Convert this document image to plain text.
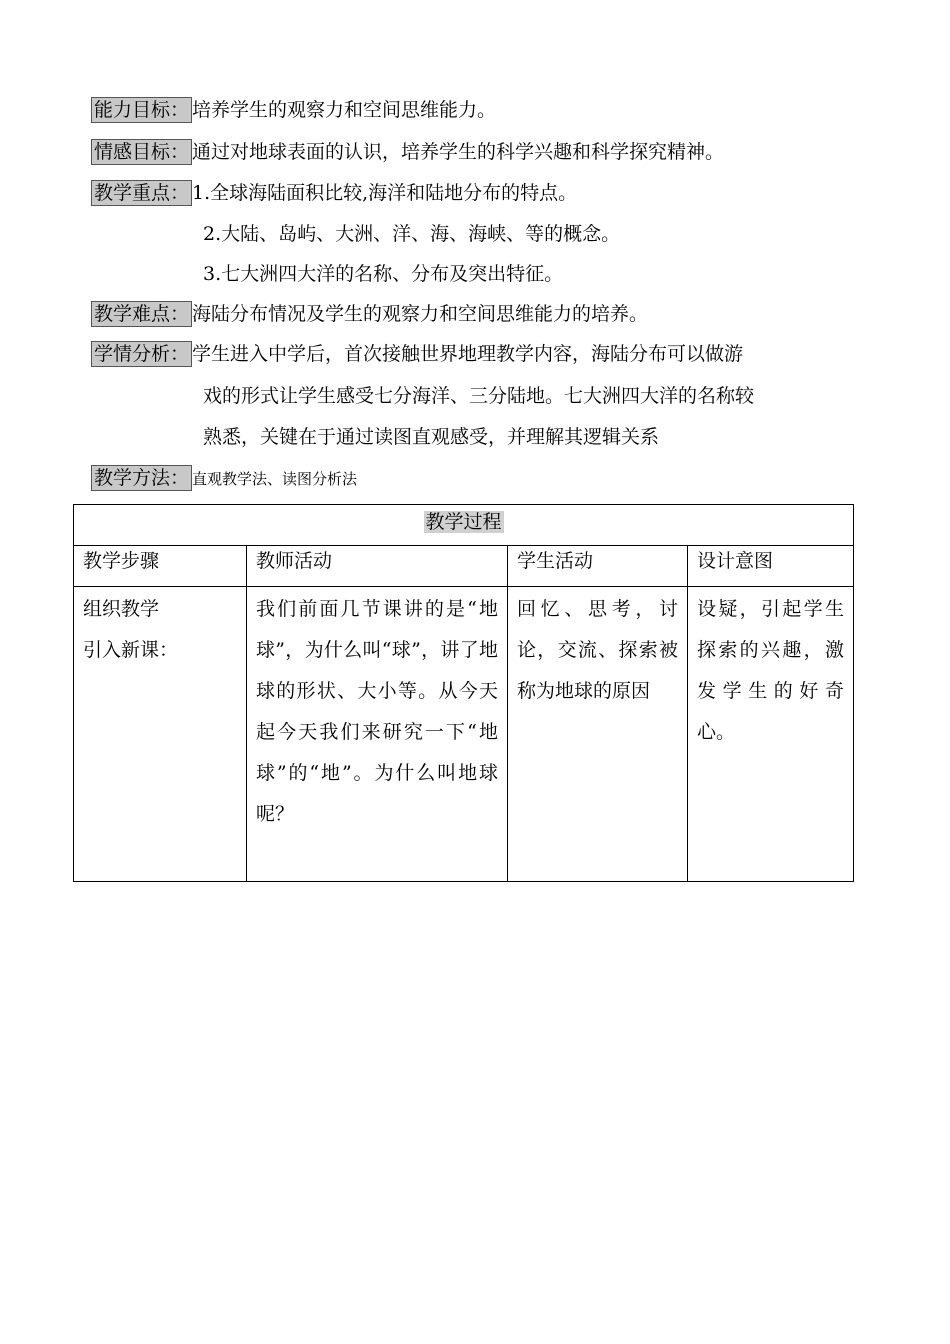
能力目标： 培养学生的观察力和空间思维能力。
情感目标： 通过对地球表面的认识，培养学生的科学兴趣和科学探究精神。
教学重点： 1.全球海陆面积比较,海洋和陆地分布的特点。
2.大陆、岛屿、大洲、洋、海、海峡、等的概念。
3.七大洲四大洋的名称、分布及突出特征。
教学难点： 海陆分布情况及学生的观察力和空间思维能力的培养。
学情分析： 学生进入中学后，首次接触世界地理教学内容，海陆分布可以做游
戏的形式让学生感受七分海洋、三分陆地。七大洲四大洋的名称较
熟悉，关键在于通过读图直观感受，并理解其逻辑关系
教学方法： 直观教学法、读图分析法
教学过程			
教学步骤	教师活动	学生活动	设计意图

组织教学
引入新课：	我们前面几节课讲的是“地球”，为什么叫“球”，讲了地球的形状、大小等。从今天起今天我们来研究一下“地球”的“地”。为什么叫地球呢？	回忆、思考，讨论，交流、探索被称为地球的原因	设疑，引起学生探索的兴趣，激发学生的好奇心。
